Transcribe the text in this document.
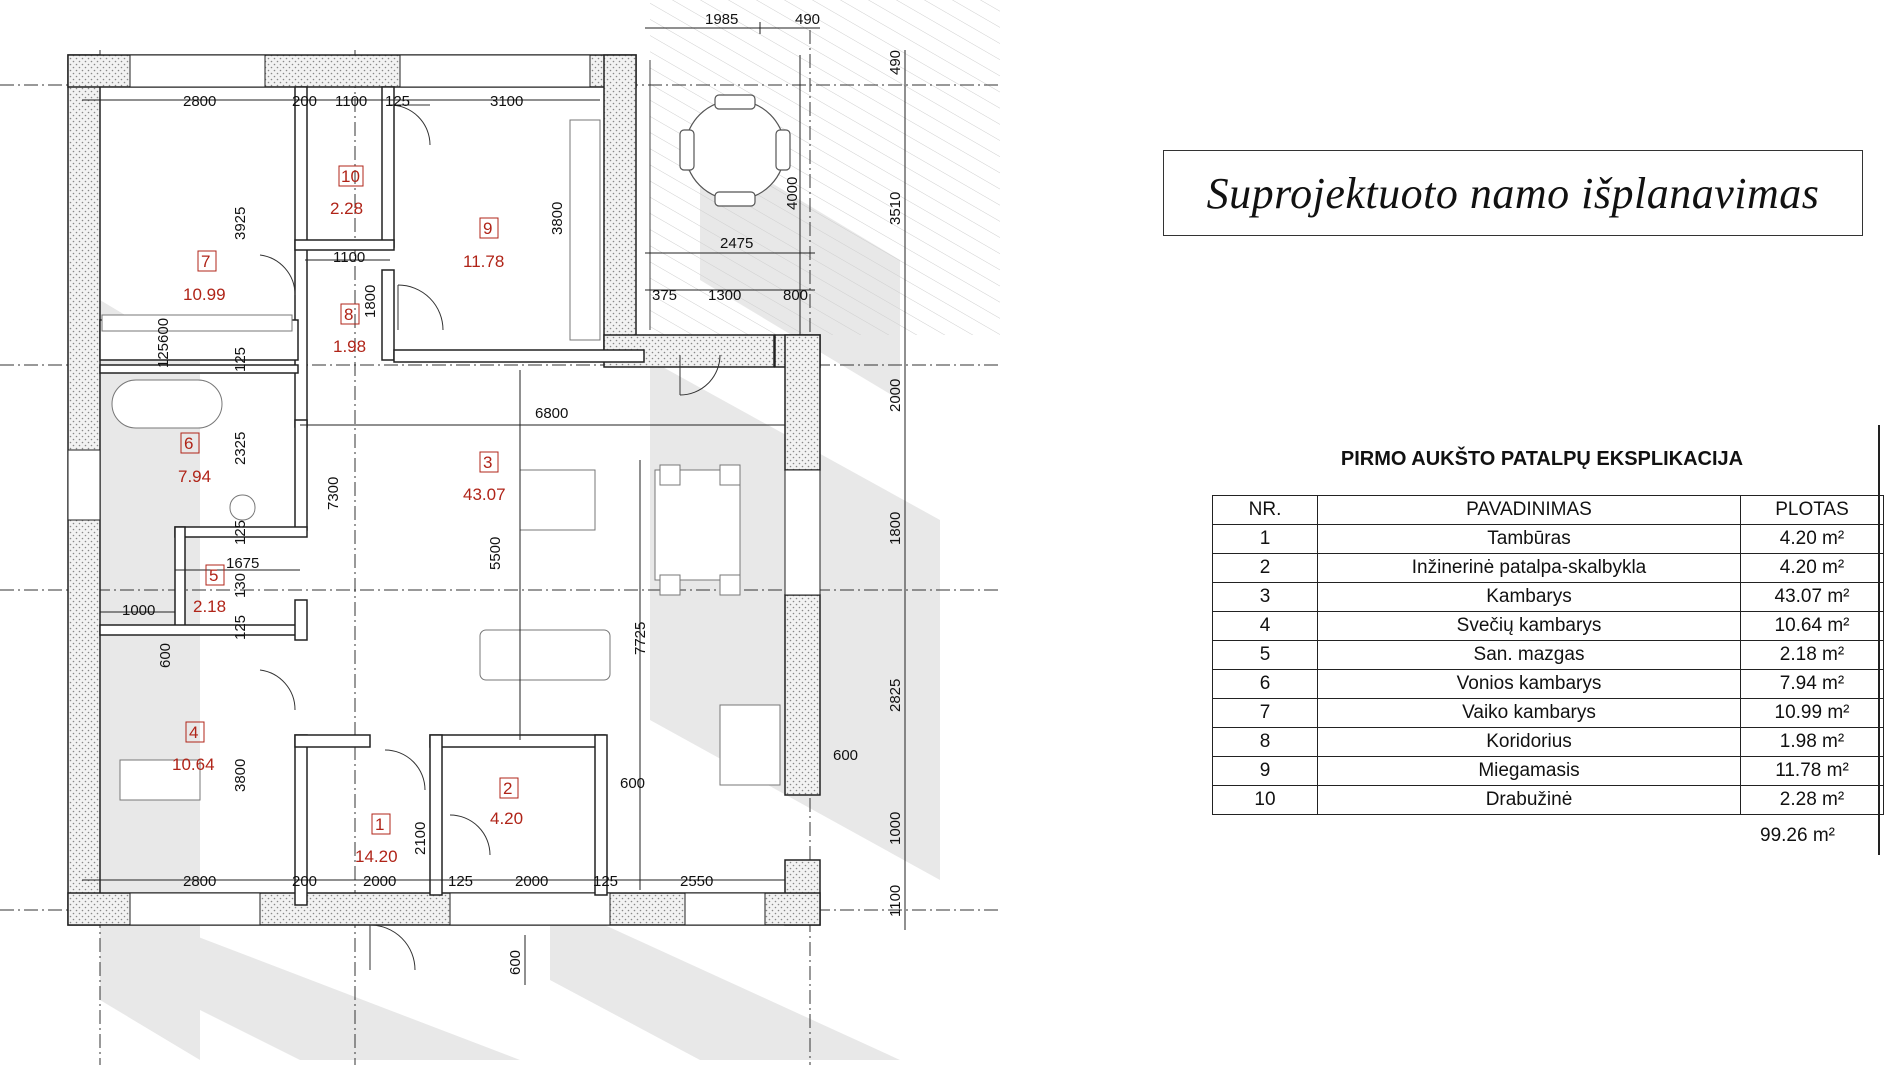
1
14.20
2
4.20
3
43.07
4
10.64
5
2.18
6
7.94
7
10.99
8
1.98
9
11.78
10
2.28
1985	490
2800	200 1100 125	3100
1100
2475
375 1300	800
6800
1675
1000
2800	200	2000	125	2000	125	2550
600
600
490
3510
4000
3925	3800
1800
125600	125
2000
2325
7300
5500
1800
125
130
125	7725
600
2825
3800
2100	1000
1100
600
Suprojektuoto namo išplanavimas
PIRMO AUKŠTO PATALPŲ EKSPLIKACIJA
NR.	PAVADINIMAS	PLOTAS
1	Tambūras	4.20 m²
2	Inžinerinė patalpa-skalbykla	4.20 m²
3	Kambarys	43.07 m²
4	Svečių kambarys	10.64 m²
5	San. mazgas	2.18 m²
6	Vonios kambarys	7.94 m²
7	Vaiko kambarys	10.99 m²
8	Koridorius	1.98 m²
9	Miegamasis	11.78 m²
10	Drabužinė	2.28 m²
99.26 m²
